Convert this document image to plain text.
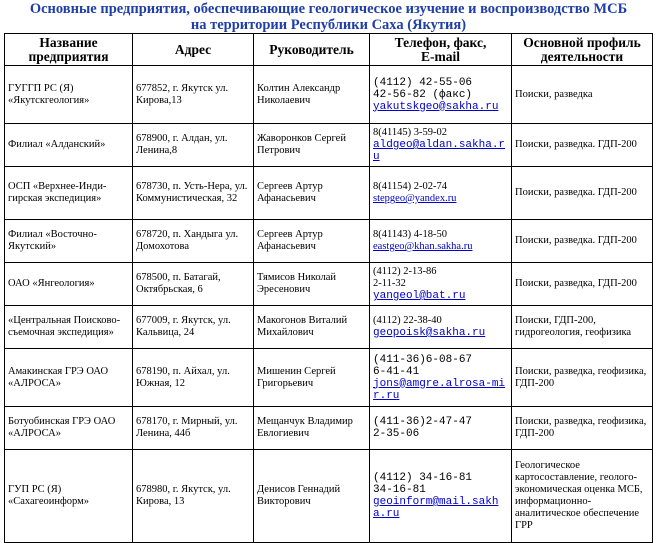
Основные предприятия, обеспечивающие геологическое изучение и воспроизводство МСБ
на территории Республики Саха (Якутия)
Название предприятия	Адрес	Руководитель	Телефон, факс,
E-mail	Основной профиль деятельности
ГУГГП РС (Я) «Якутскгеология»	677852, г. Якутск ул. Кирова,13	Колтин Александр Николаевич	(4112) 42-55-06
42-56-82 (факс)
yakutskgeo@sakha.ru	Поиски, разведка
Филиал «Алданский»	678900, г. Алдан, ул. Ленина,8	Жаворонков Сергей Петрович	8(41145) 3-59-02
aldgeo@aldan.sakha.ru	Поиски, разведка. ГДП-200
ОСП «Верхнее-Инди-гирская экспедиция»	678730, п. Усть-Нера, ул. Коммунистическая, 32	Сергеев Артур Афанасьевич	8(41154) 2-02-74
stepgeo@yandex.ru	Поиски, разведка. ГДП-200
Филиал «Восточно-Якутский»	678720, п. Хандыга ул. Домохотова	Сергеев Артур Афанасьевич	8(41143) 4-18-50
eastgeo@khan.sakha.ru	Поиски, разведка. ГДП-200
ОАО «Янгеология»	678500, п. Батагай, Октябрьская, 6	Тямисов Николай Эресенович	(4112) 2-13-86
2-11-32
yangeol@bat.ru	Поиски, разведка, ГДП-200
«Центральная Поисково-съемочная экспедиция»	677009, г. Якутск, ул. Кальвица, 24	Макогонов Виталий Михайлович	(4112) 22-38-40
geopoisk@sakha.ru	Поиски, ГДП-200, гидрогеология, геофизика
Амакинская ГРЭ ОАО «АЛРОСА»	678190, п. Айхал, ул. Южная, 12	Мишенин Сергей Григорьевич	(411-36)6-08-67
6-41-41
jons@amgre.alrosa-mir.ru	Поиски, разведка, геофизика, ГДП-200
Ботуобинская ГРЭ ОАО «АЛРОСА»	678170, г. Мирный, ул. Ленина, 44б	Мещанчук Владимир Евлогиевич	(411-36)2-47-47
2-35-06	Поиски, разведка, геофизика, ГДП-200
ГУП РС (Я) «Сахагеоинформ»	678980, г. Якутск, ул. Кирова, 13	Денисов Геннадий Викторович	(4112) 34-16-81
34-16-81
geoinform@mail.sakha.ru	Геологическое картосоставление, геолого-экономическая оценка МСБ, информационно-аналитическое обеспечение ГРР
